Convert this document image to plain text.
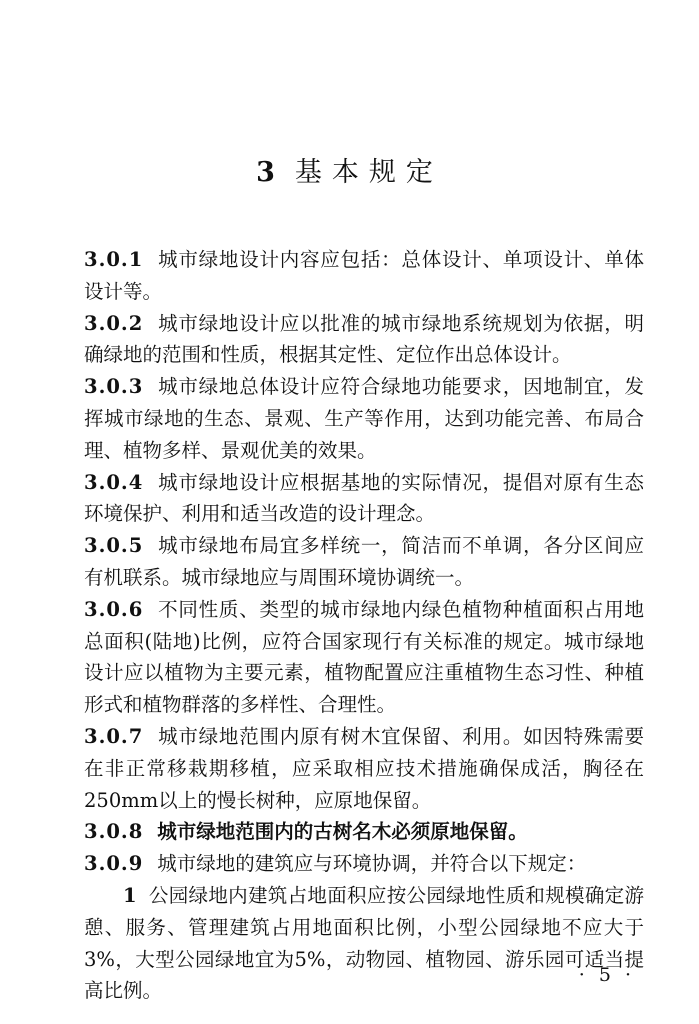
3 基本规定

3.0.1 城市绿地设计内容应包括：总体设计、单项设计、单体设计等。

3.0.2 城市绿地设计应以批准的城市绿地系统规划为依据，明确绿地的范围和性质，根据其定性、定位作出总体设计。

3.0.3 城市绿地总体设计应符合绿地功能要求，因地制宜，发挥城市绿地的生态、景观、生产等作用，达到功能完善、布局合理、植物多样、景观优美的效果。

3.0.4 城市绿地设计应根据基地的实际情况，提倡对原有生态环境保护、利用和适当改造的设计理念。

3.0.5 城市绿地布局宜多样统一，简洁而不单调，各分区间应有机联系。城市绿地应与周围环境协调统一。

3.0.6 不同性质、类型的城市绿地内绿色植物种植面积占用地总面积(陆地)比例，应符合国家现行有关标准的规定。城市绿地设计应以植物为主要元素，植物配置应注重植物生态习性、种植形式和植物群落的多样性、合理性。

3.0.7 城市绿地范围内原有树木宜保留、利用。如因特殊需要在非正常移栽期移植，应采取相应技术措施确保成活，胸径在250mm以上的慢长树种，应原地保留。

3.0.8 城市绿地范围内的古树名木必须原地保留。

3.0.9 城市绿地的建筑应与环境协调，并符合以下规定：

1 公园绿地内建筑占地面积应按公园绿地性质和规模确定游憩、服务、管理建筑占用地面积比例，小型公园绿地不应大于3%，大型公园绿地宜为5%，动物园、植物园、游乐园可适当提高比例。

· 5 ·
